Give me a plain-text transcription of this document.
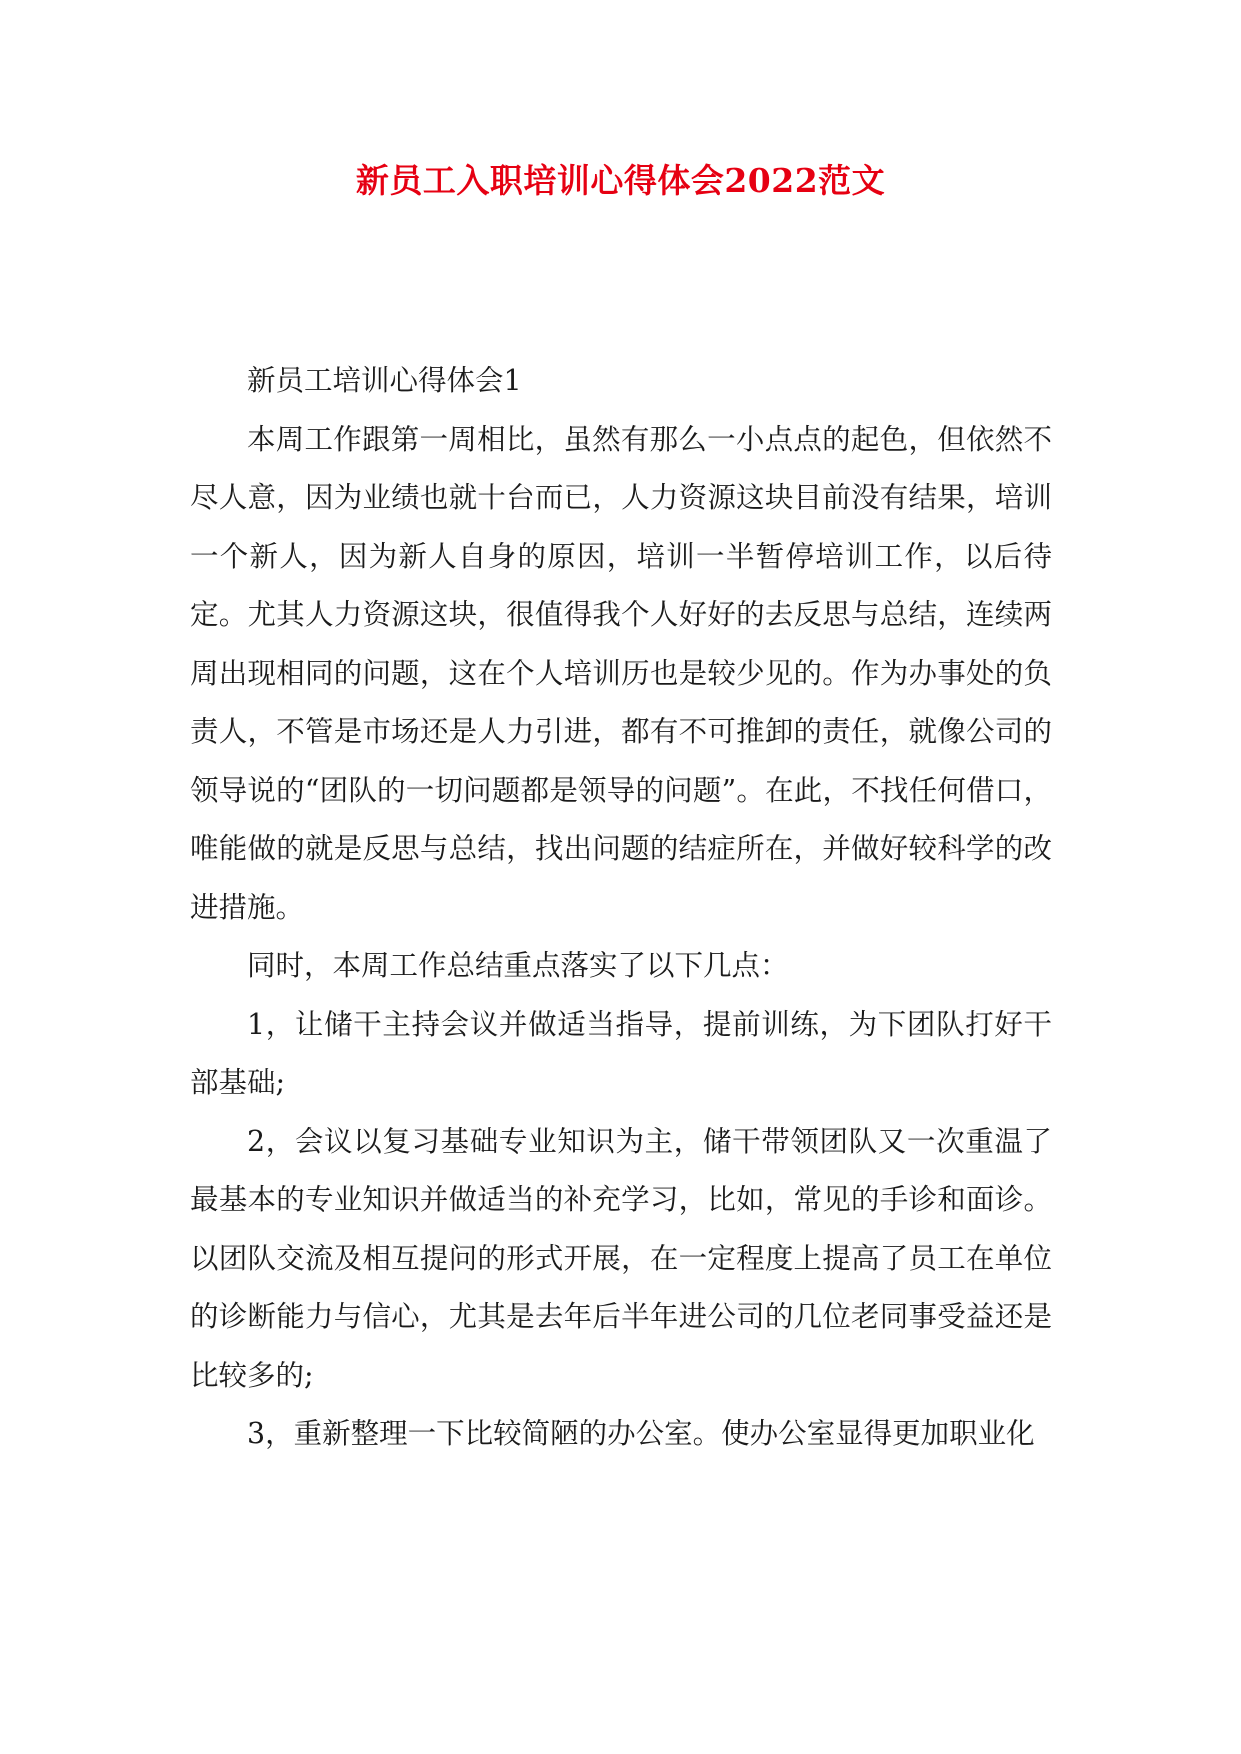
新员工入职培训心得体会2022范文

新员工培训心得体会1

本周工作跟第一周相比，虽然有那么一小点点的起色，但依然不尽人意，因为业绩也就十台而已，人力资源这块目前没有结果，培训一个新人，因为新人自身的原因，培训一半暂停培训工作，以后待定。尤其人力资源这块，很值得我个人好好的去反思与总结，连续两周出现相同的问题，这在个人培训历也是较少见的。作为办事处的负责人，不管是市场还是人力引进，都有不可推卸的责任，就像公司的领导说的“团队的一切问题都是领导的问题”。在此，不找任何借口，唯能做的就是反思与总结，找出问题的结症所在，并做好较科学的改进措施。

同时，本周工作总结重点落实了以下几点：

1，让储干主持会议并做适当指导，提前训练，为下团队打好干部基础;

2，会议以复习基础专业知识为主，储干带领团队又一次重温了最基本的专业知识并做适当的补充学习，比如，常见的手诊和面诊。以团队交流及相互提问的形式开展，在一定程度上提高了员工在单位的诊断能力与信心，尤其是去年后半年进公司的几位老同事受益还是比较多的;

3，重新整理一下比较简陋的办公室。使办公室显得更加职业化
